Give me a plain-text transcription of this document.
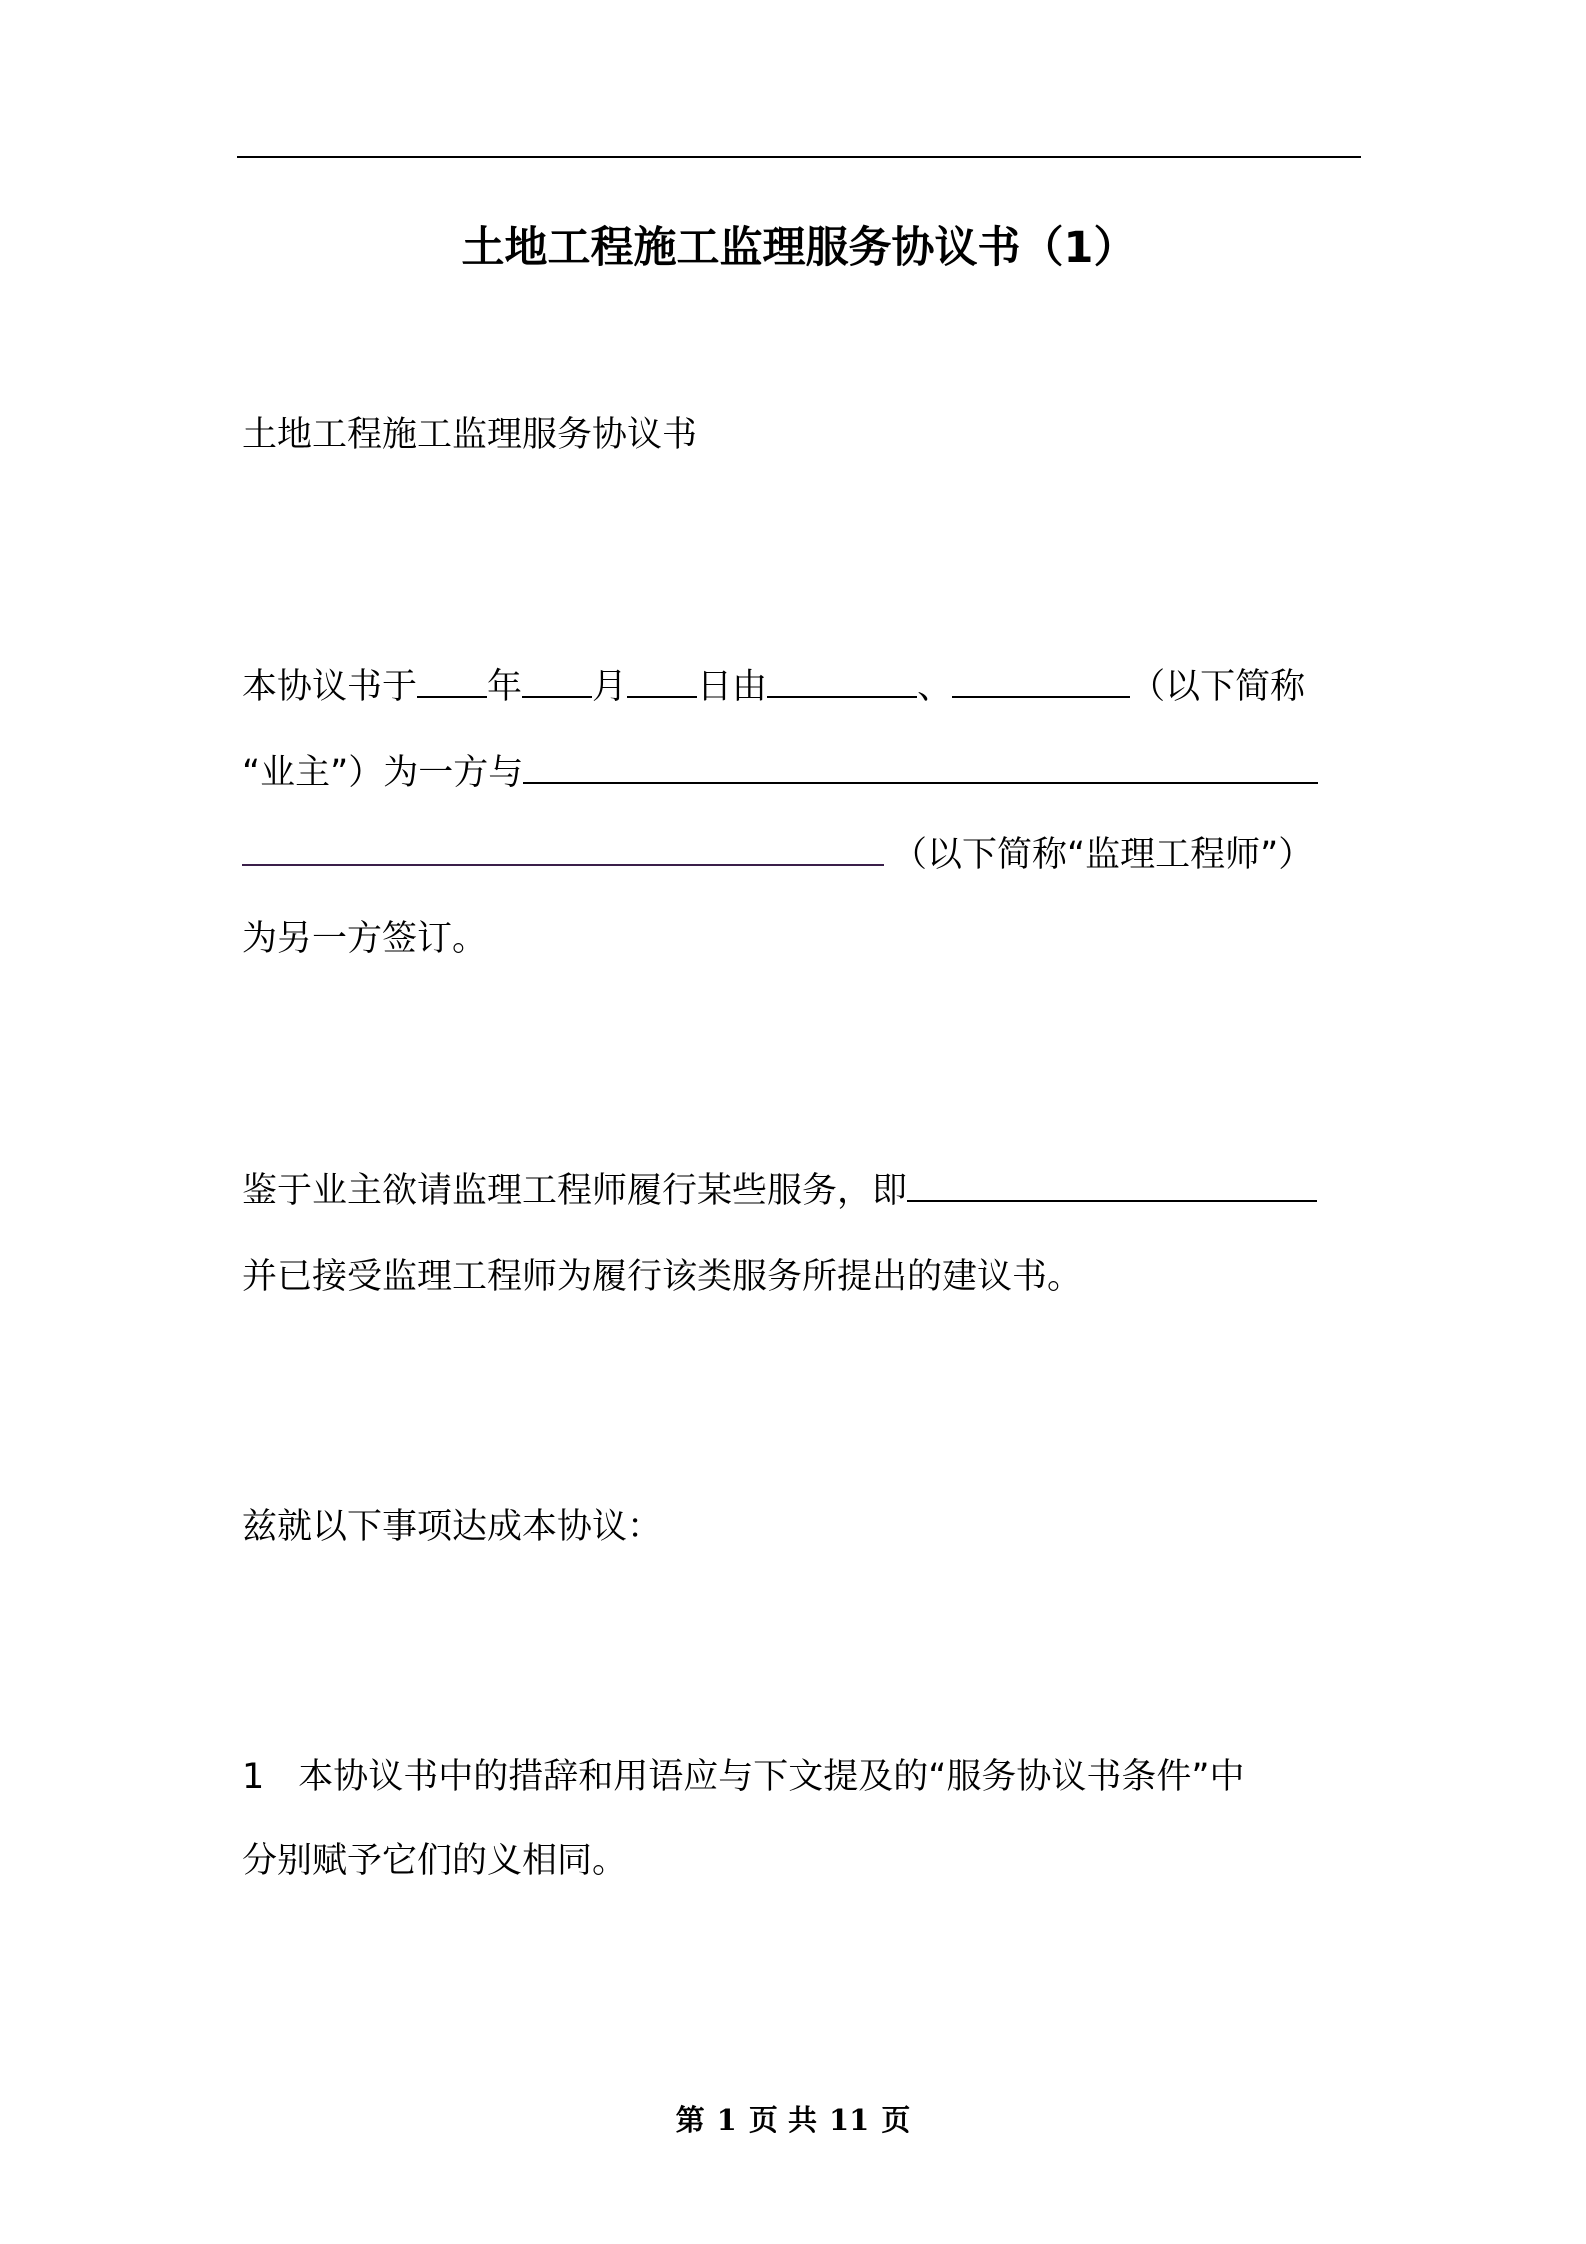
土地工程施工监理服务协议书（1）
土地工程施工监理服务协议书
本协议书于 年 月 日由	、	（以下简称
“业主”）为一方与
（以下简称“监理工程师”）
为另一方签订。
鉴于业主欲请监理工程师履行某些服务，即
并已接受监理工程师为履行该类服务所提出的建议书。
兹就以下事项达成本协议：
1 本协议书中的措辞和用语应与下文提及的“服务协议书条件”中
分别赋予它们的义相同。
第 1 页 共 11 页
